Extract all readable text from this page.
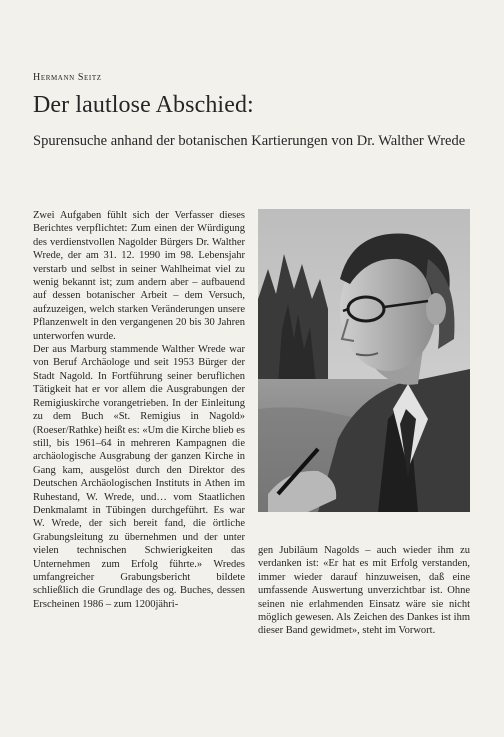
Hermann Seitz
Der lautlose Abschied:
Spurensuche anhand der botanischen Kartierungen von Dr. Walther Wrede

Zwei Aufgaben fühlt sich der Verfasser dieses Berichtes verpflichtet: Zum einen der Würdigung des verdienstvollen Nagolder Bürgers Dr. Walther Wrede, der am 31. 12. 1990 im 98. Lebensjahr verstarb und selbst in seiner Wahlheimat viel zu wenig bekannt ist; zum andern aber – aufbauend auf dessen botanischer Arbeit – dem Versuch, aufzuzeigen, welch starken Veränderungen unsere Pflanzenwelt in den vergangenen 20 bis 30 Jahren unterworfen wurde.

Der aus Marburg stammende Walther Wrede war von Beruf Archäologe und seit 1953 Bürger der Stadt Nagold. In Fortführung seiner beruflichen Tätigkeit hat er vor allem die Ausgrabungen der Remigiuskirche vorangetrieben. In der Einleitung zu dem Buch «St. Remigius in Nagold» (Roeser/Rathke) heißt es: «Um die Kirche blieb es still, bis 1961–64 in mehreren Kampagnen die archäologische Ausgrabung der ganzen Kirche in Gang kam, ausgelöst durch den Direktor des Deutschen Archäologischen Instituts in Athen im Ruhestand, W. Wrede, und… vom Staatlichen Denkmalamt in Tübingen durchgeführt. Es war W. Wrede, der sich bereit fand, die örtliche Grabungsleitung zu übernehmen und der unter vielen technischen Schwierigkeiten das Unternehmen zum Erfolg führte.» Wredes umfangreicher Grabungsbericht bildete schließlich die Grundlage des og. Buches, dessen Erscheinen 1986 – zum 1200jähri-

gen Jubiläum Nagolds – auch wieder ihm zu verdanken ist: «Er hat es mit Erfolg verstanden, immer wieder darauf hinzuweisen, daß eine umfassende Auswertung unverzichtbar ist. Ohne seinen nie erlahmenden Einsatz wäre sie nicht möglich gewesen. Als Zeichen des Dankes ist ihm dieser Band gewidmet», steht im Vorwort.
